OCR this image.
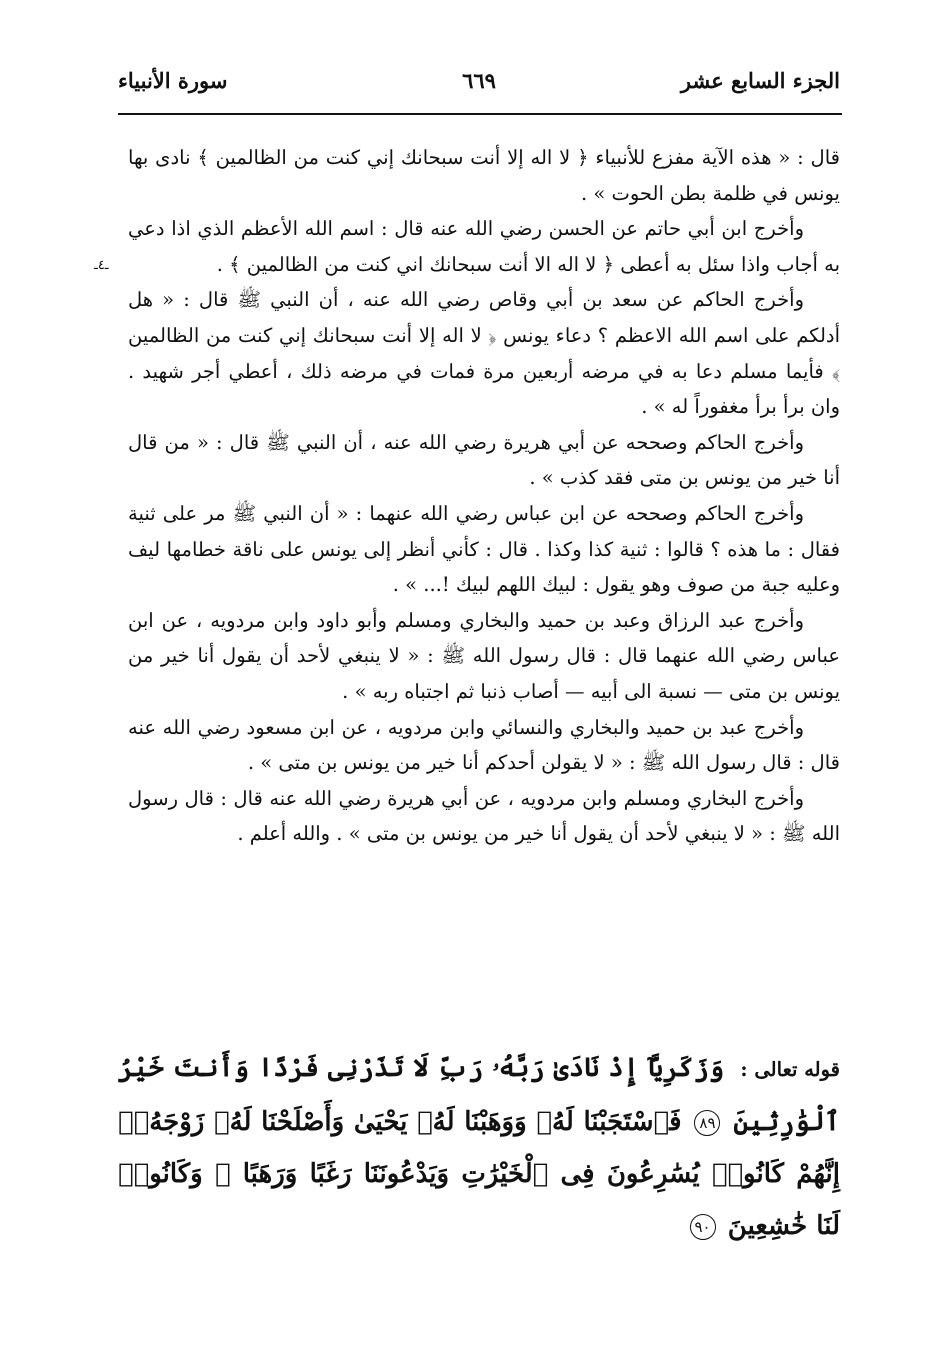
الجزء السابع عشر
٦٦٩
سورة الأنبياء
ـ٤ـ

قال : « هذه الآية مفزع للأنبياء ﴿ لا اله إلا أنت سبحانك إني كنت من الظالمين ﴾ نادى بها يونس في ظلمة بطن الحوت » .

وأخرج ابن أبي حاتم عن الحسن رضي الله عنه قال : اسم الله الأعظم الذي اذا دعي به أجاب واذا سئل به أعطى ﴿ لا اله الا أنت سبحانك اني كنت من الظالمين ﴾ .

وأخرج الحاكم عن سعد بن أبي وقاص رضي الله عنه ، أن النبي ﷺ قال : « هل أدلكم على اسم الله الاعظم ؟ دعاء يونس ﴿ لا اله إلا أنت سبحانك إني كنت من الظالمين ﴾ فأيما مسلم دعا به في مرضه أربعين مرة فمات في مرضه ذلك ، أعطي أجر شهيد . وان برأ برأ مغفوراً له » .

وأخرج الحاكم وصححه عن أبي هريرة رضي الله عنه ، أن النبي ﷺ قال : « من قال أنا خير من يونس بن متى فقد كذب » .

وأخرج الحاكم وصححه عن ابن عباس رضي الله عنهما : « أن النبي ﷺ مر على ثنية فقال : ما هذه ؟ قالوا : ثنية كذا وكذا . قال : كأني أنظر إلى يونس على ناقة خطامها ليف وعليه جبة من صوف وهو يقول : لبيك اللهم لبيك !... » .

وأخرج عبد الرزاق وعبد بن حميد والبخاري ومسلم وأبو داود وابن مردويه ، عن ابن عباس رضي الله عنهما قال : قال رسول الله ﷺ : « لا ينبغي لأحد أن يقول أنا خير من يونس بن متى — نسبة الى أبيه — أصاب ذنبا ثم اجتباه ربه » .

وأخرج عبد بن حميد والبخاري والنسائي وابن مردويه ، عن ابن مسعود رضي الله عنه قال : قال رسول الله ﷺ : « لا يقولن أحدكم أنا خير من يونس بن متى » .

وأخرج البخاري ومسلم وابن مردويه ، عن أبي هريرة رضي الله عنه قال : قال رسول الله ﷺ : « لا ينبغي لأحد أن يقول أنا خير من يونس بن متى » . والله أعلم .

قوله تعالى : وَزَكَرِيَّآ إِذْ نَادَىٰ رَبَّهُۥ رَبِّ لَا تَذَرْنِى فَرْدًا وَأَنتَ خَيْرُ ٱلْوَٰرِثِينَ ٨٩ فَٱسْتَجَبْنَا لَهُۥ وَوَهَبْنَا لَهُۥ يَحْيَىٰ وَأَصْلَحْنَا لَهُۥ زَوْجَهُۥٓ إِنَّهُمْ كَانُوا۟ يُسَٰرِعُونَ فِى ٱلْخَيْرَٰتِ وَيَدْعُونَنَا رَغَبًا وَرَهَبًا ۖ وَكَانُوا۟ لَنَا خَٰشِعِينَ ٩٠
